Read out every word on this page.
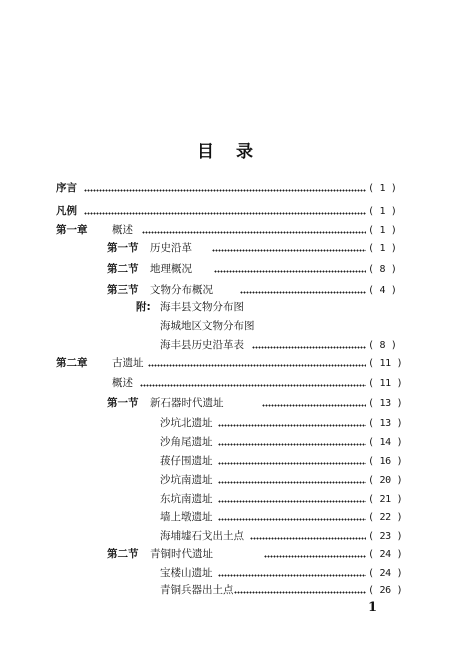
目 录
序言	( 1 )
凡例	( 1 )
第一章 概述	( 1 )
第一节 历史沿革	( 1 )
第二节 地理概况	( 8 )
第三节 文物分布概况	( 4 )
附: 海丰县文物分布图
海城地区文物分布图
海丰县历史沿革表	( 8 )
第二章 古遗址	( 11 )
概述	( 11 )
第一节 新石器时代遗址	( 13 )
沙坑北遗址	( 13 )
沙角尾遗址	( 14 )
菝仔围遗址	( 16 )
沙坑南遗址	( 20 )
东坑南遗址	( 21 )
墙上墩遗址	( 22 )
海埔墟石戈出土点	( 23 )
第二节 青铜时代遗址	( 24 )
宝楼山遗址	( 24 )
青铜兵器出土点	( 26 )
1
